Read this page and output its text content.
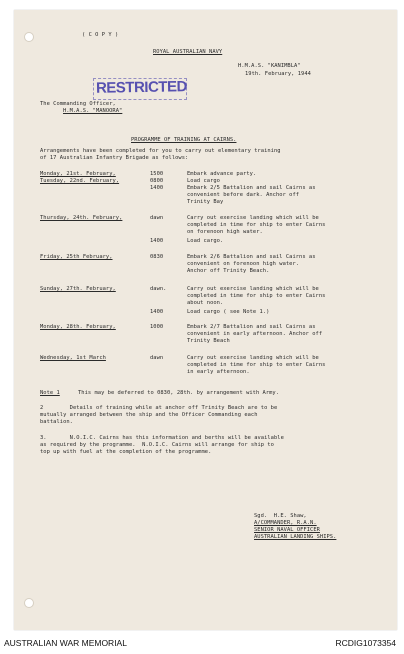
( C O P Y )
ROYAL AUSTRALIAN NAVY
H.M.A.S. "KANIMBLA"
19th. February, 1944
RESTRICTED
The Commanding Officer,
H.M.A.S. "MANOORA"
PROGRAMME OF TRAINING AT CAIRNS.
Arrangements have been completed for you to carry out elementary training
of 17 Australian Infantry Brigade as follows:
Monday, 21st. February,	1500	Embark advance party.
Tuesday, 22nd. February,	0800	Load cargo
1400	Embark 2/5 Battalion and sail Cairns as
convenient before dark. Anchor off
Trinity Bay
Thursday, 24th. February,	dawn	Carry out exercise landing which will be
completed in time for ship to enter Cairns
on forenoon high water.
1400	Load cargo.
Friday, 25th February,	0830	Embark 2/6 Battalion and sail Cairns as
convenient on forenoon high water.
Anchor off Trinity Beach.
Sunday, 27th. February,	dawn.	Carry out exercise landing which will be
completed in time for ship to enter Cairns
about noon.
1400	Load cargo ( see Note 1.)
Monday, 28th. February,	1000	Embark 2/7 Battalion and sail Cairns as
convenient in early afternoon. Anchor off
Trinity Beach
Wednesday, 1st March	dawn	Carry out exercise landing which will be
completed in time for ship to enter Cairns
in early afternoon.
Note 1	This may be deferred to 0830, 28th. by arrangement with Army.
2        Details of training while at anchor off Trinity Beach are to be
mutually arranged between the ship and the Officer Commanding each
battalion.
3.       N.O.I.C. Cairns has this information and berths will be available
as required by the programme.  N.O.I.C. Cairns will arrange for ship to
top up with fuel at the completion of the programme.
Sgd.  H.E. Shaw,
A/COMMANDER, R.A.N.
SENIOR NAVAL OFFICER
AUSTRALIAN LANDING SHIPS.
AUSTRALIAN WAR MEMORIAL	RCDIG1073354
